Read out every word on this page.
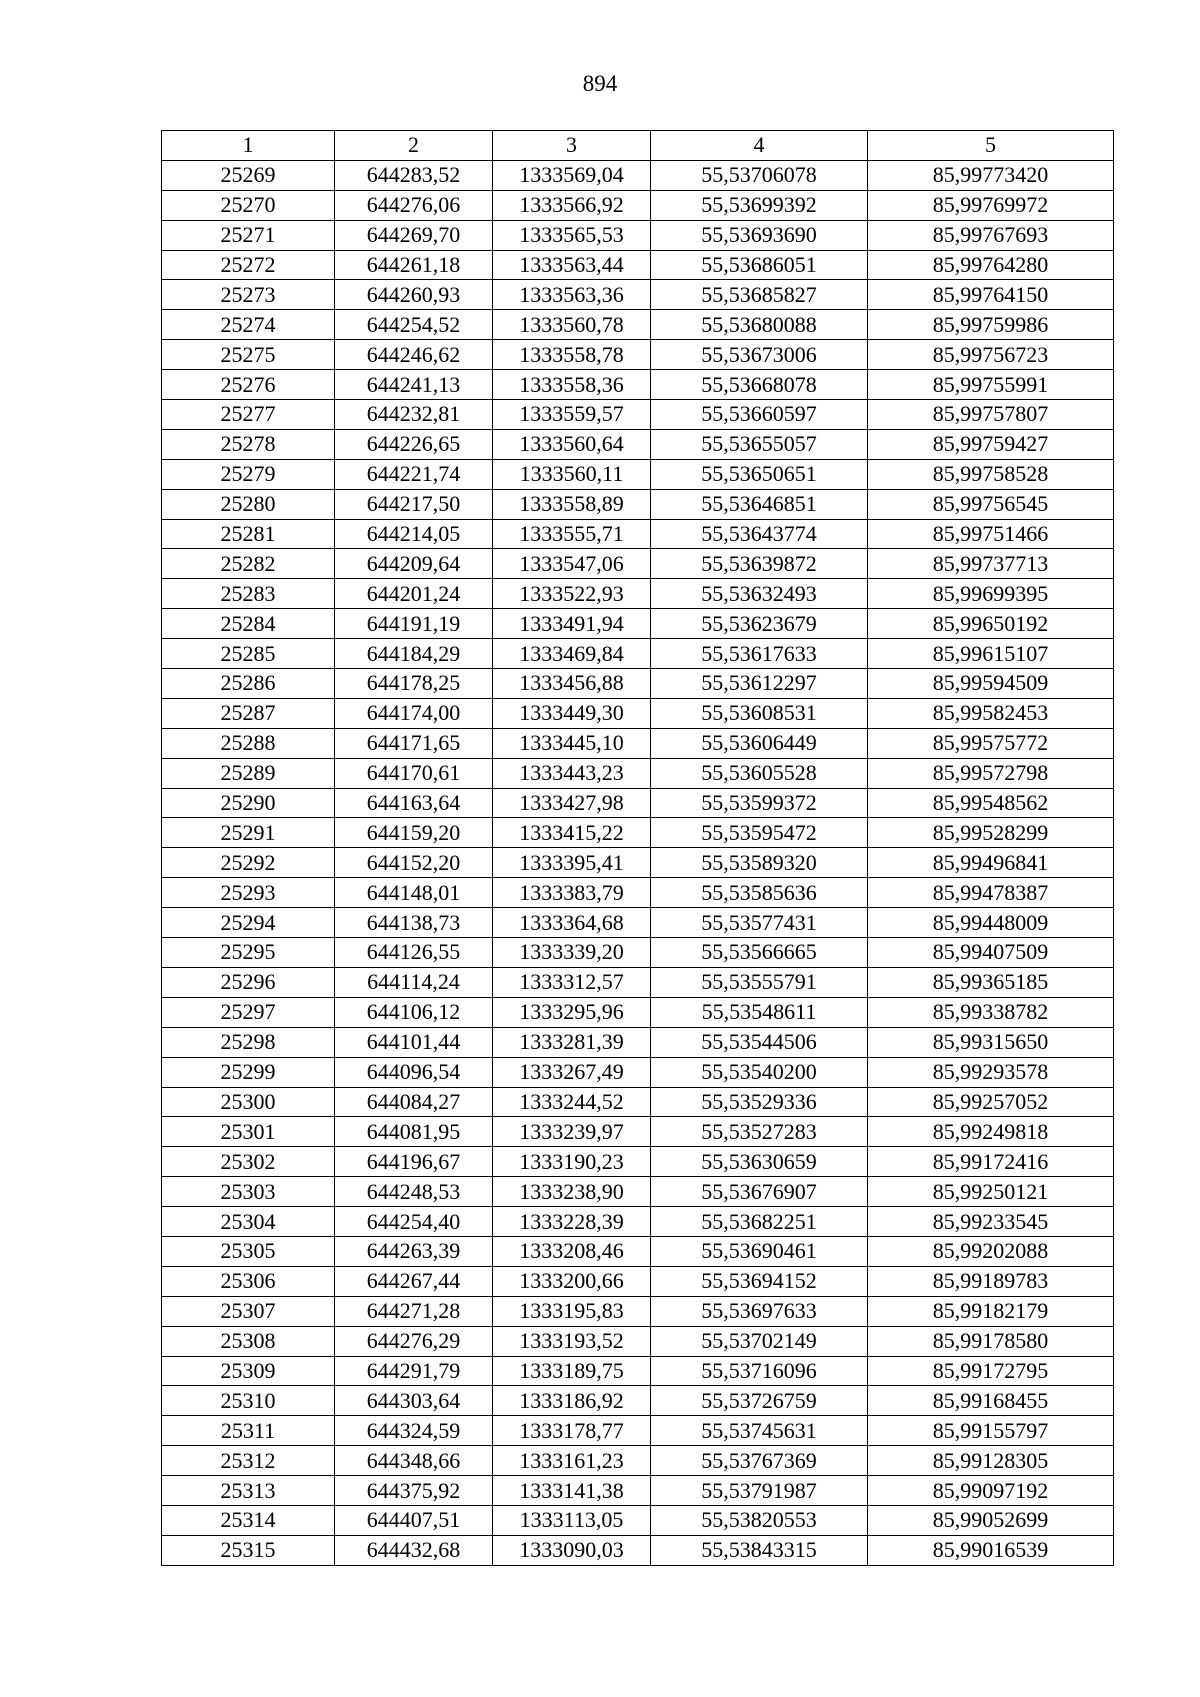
894
1	2	3	4	5
25269	644283,52	1333569,04	55,53706078	85,99773420
25270	644276,06	1333566,92	55,53699392	85,99769972
25271	644269,70	1333565,53	55,53693690	85,99767693
25272	644261,18	1333563,44	55,53686051	85,99764280
25273	644260,93	1333563,36	55,53685827	85,99764150
25274	644254,52	1333560,78	55,53680088	85,99759986
25275	644246,62	1333558,78	55,53673006	85,99756723
25276	644241,13	1333558,36	55,53668078	85,99755991
25277	644232,81	1333559,57	55,53660597	85,99757807
25278	644226,65	1333560,64	55,53655057	85,99759427
25279	644221,74	1333560,11	55,53650651	85,99758528
25280	644217,50	1333558,89	55,53646851	85,99756545
25281	644214,05	1333555,71	55,53643774	85,99751466
25282	644209,64	1333547,06	55,53639872	85,99737713
25283	644201,24	1333522,93	55,53632493	85,99699395
25284	644191,19	1333491,94	55,53623679	85,99650192
25285	644184,29	1333469,84	55,53617633	85,99615107
25286	644178,25	1333456,88	55,53612297	85,99594509
25287	644174,00	1333449,30	55,53608531	85,99582453
25288	644171,65	1333445,10	55,53606449	85,99575772
25289	644170,61	1333443,23	55,53605528	85,99572798
25290	644163,64	1333427,98	55,53599372	85,99548562
25291	644159,20	1333415,22	55,53595472	85,99528299
25292	644152,20	1333395,41	55,53589320	85,99496841
25293	644148,01	1333383,79	55,53585636	85,99478387
25294	644138,73	1333364,68	55,53577431	85,99448009
25295	644126,55	1333339,20	55,53566665	85,99407509
25296	644114,24	1333312,57	55,53555791	85,99365185
25297	644106,12	1333295,96	55,53548611	85,99338782
25298	644101,44	1333281,39	55,53544506	85,99315650
25299	644096,54	1333267,49	55,53540200	85,99293578
25300	644084,27	1333244,52	55,53529336	85,99257052
25301	644081,95	1333239,97	55,53527283	85,99249818
25302	644196,67	1333190,23	55,53630659	85,99172416
25303	644248,53	1333238,90	55,53676907	85,99250121
25304	644254,40	1333228,39	55,53682251	85,99233545
25305	644263,39	1333208,46	55,53690461	85,99202088
25306	644267,44	1333200,66	55,53694152	85,99189783
25307	644271,28	1333195,83	55,53697633	85,99182179
25308	644276,29	1333193,52	55,53702149	85,99178580
25309	644291,79	1333189,75	55,53716096	85,99172795
25310	644303,64	1333186,92	55,53726759	85,99168455
25311	644324,59	1333178,77	55,53745631	85,99155797
25312	644348,66	1333161,23	55,53767369	85,99128305
25313	644375,92	1333141,38	55,53791987	85,99097192
25314	644407,51	1333113,05	55,53820553	85,99052699
25315	644432,68	1333090,03	55,53843315	85,99016539
